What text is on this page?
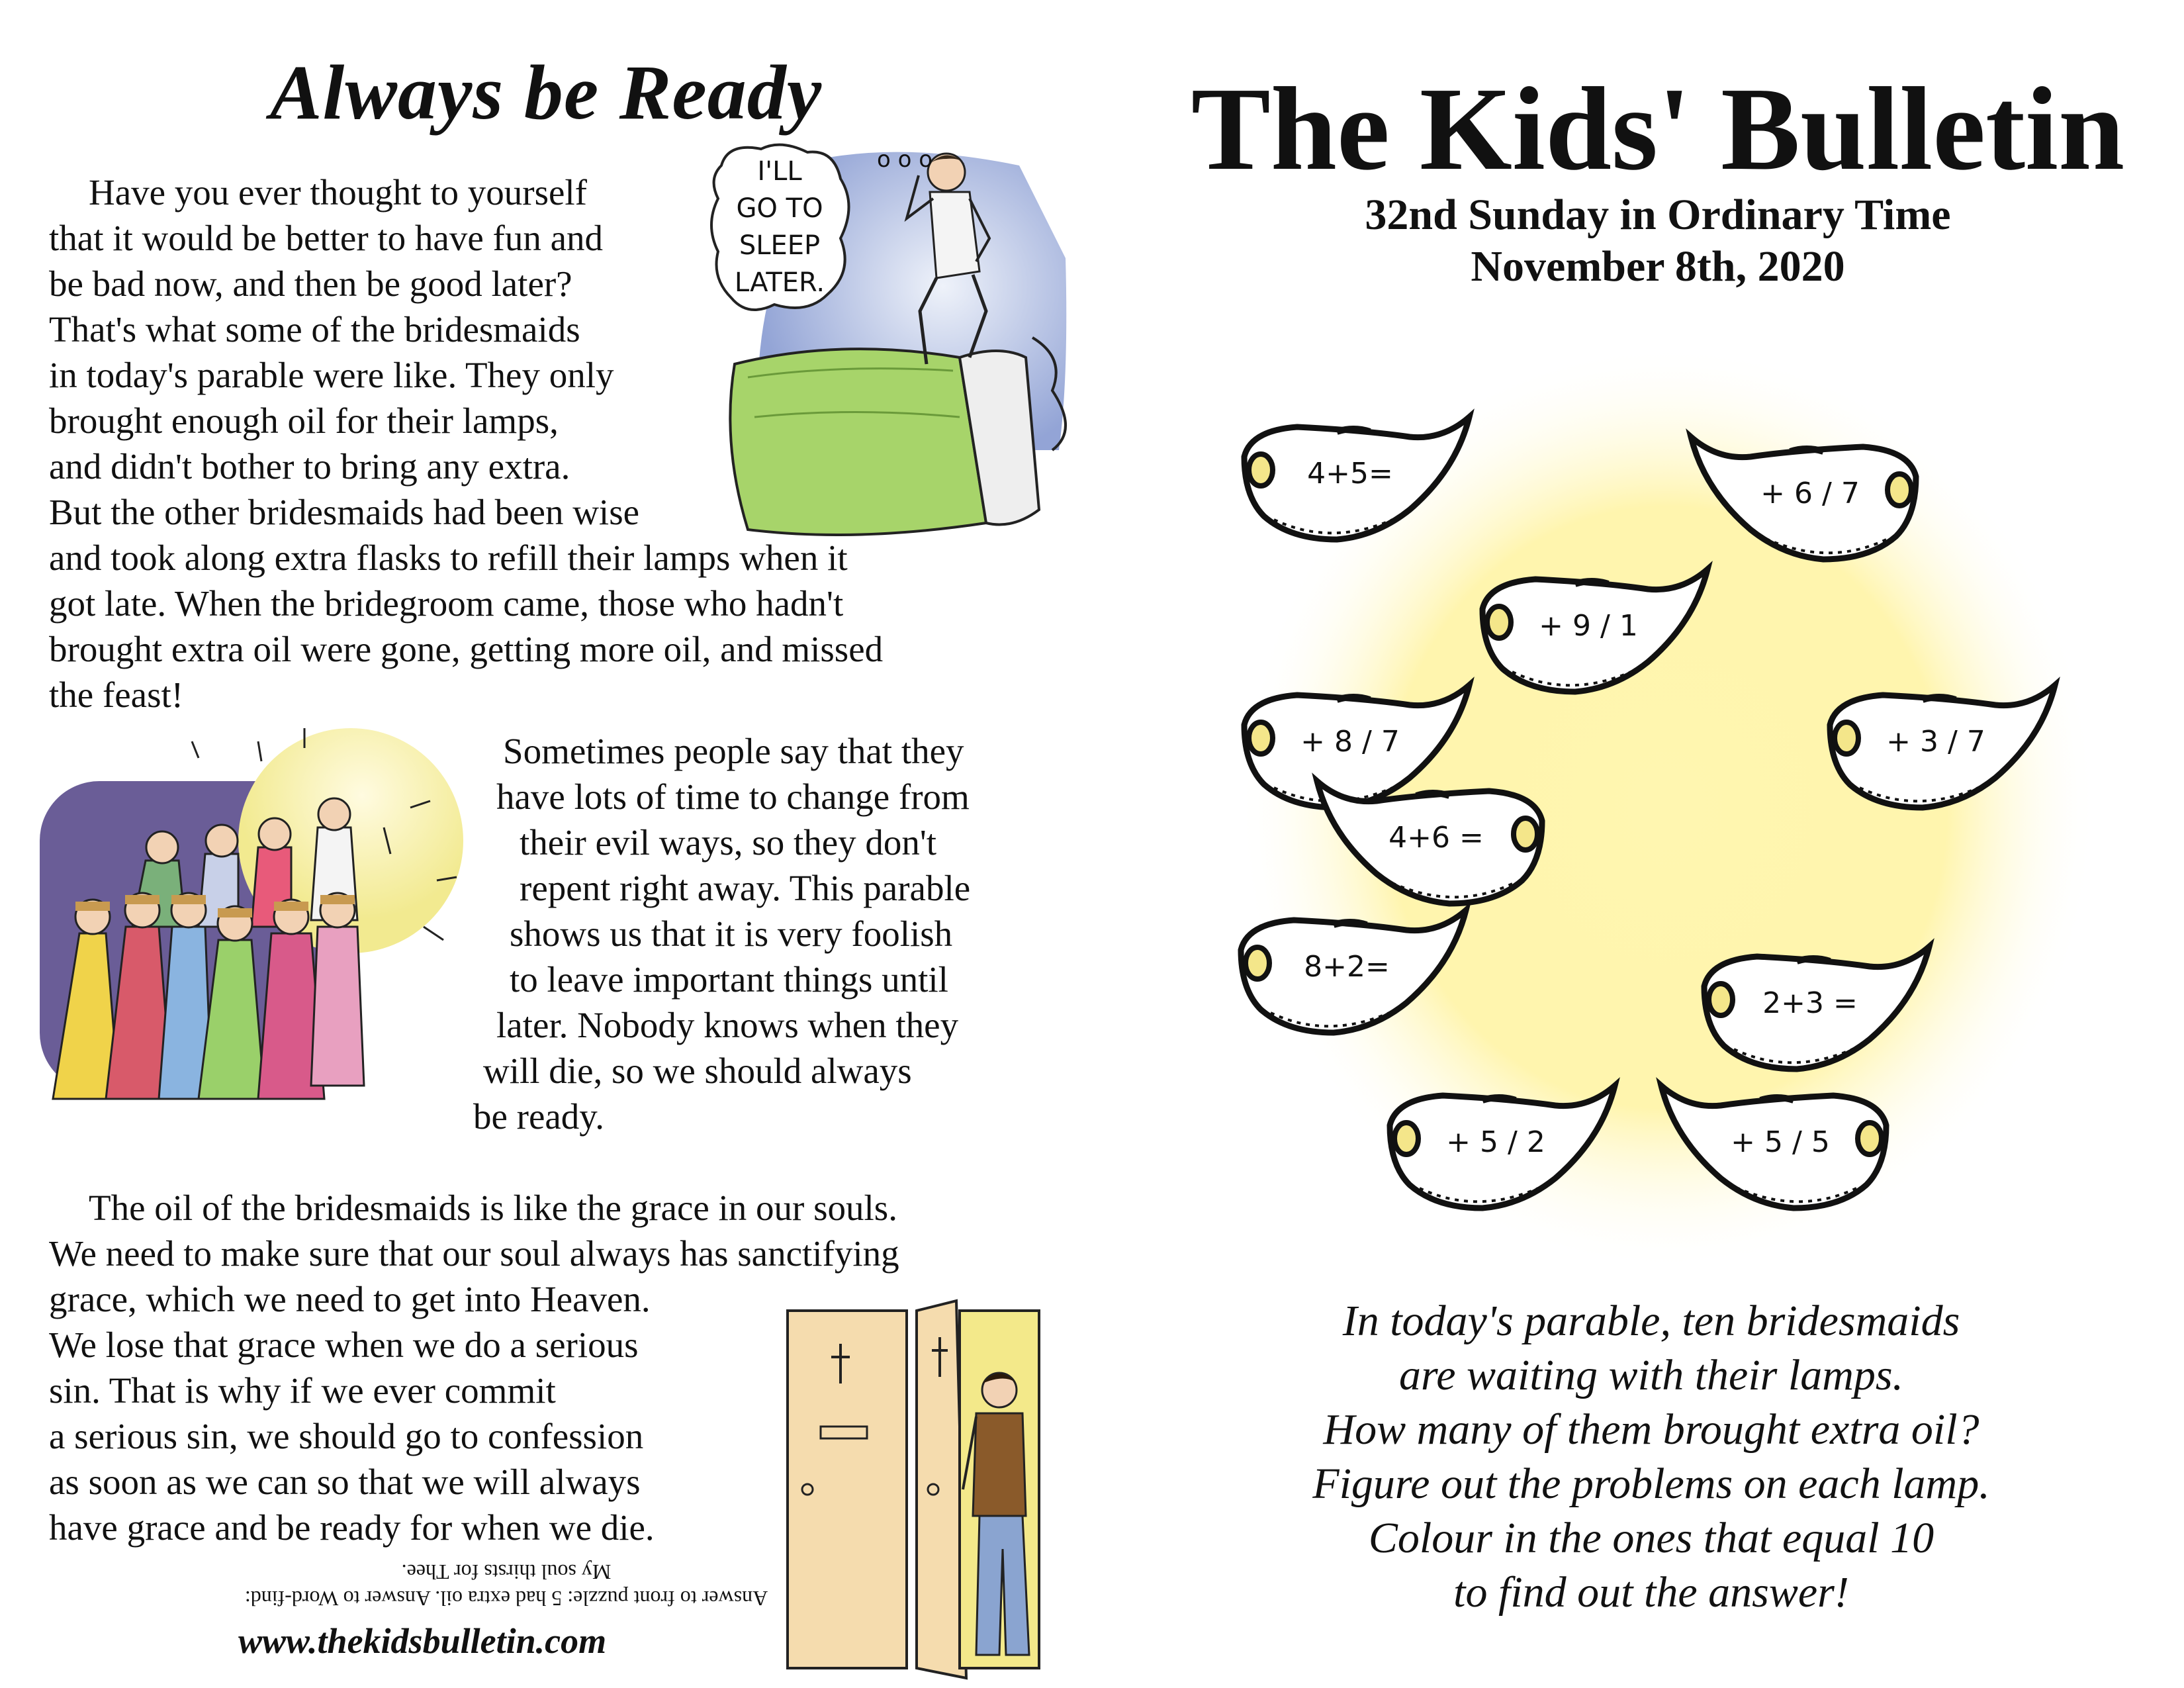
Always be Ready
Have you ever thought to yourself
that it would be better to have fun and
be bad now, and then be good later?
That's what some of the bridesmaids
in today's parable were like. They only
brought enough oil for their lamps,
and didn't bother to bring any extra.
But the other bridesmaids had been wise
and took along extra flasks to refill their lamps when it
got late. When the bridegroom came, those who hadn't
brought extra oil were gone, getting more oil, and missed
the feast!
I'LL
GO TO
SLEEP
LATER.
o o o
Sometimes people say that they
have lots of time to change from
their evil ways, so they don't
repent right away. This parable
shows us that it is very foolish
to leave important things until
later. Nobody knows when they
will die, so we should always
be ready.
The oil of the bridesmaids is like the grace in our souls.
We need to make sure that our soul always has sanctifying
grace, which we need to get into Heaven.
We lose that grace when we do a serious
sin. That is why if we ever commit
a serious sin, we should go to confession
as soon as we can so that we will always
have grace and be ready for when we die.
Answer to front puzzle: 5 had extra oil. Answer to Word-find:
My soul thirsts for Thee.
www.thekidsbulletin.com
The Kids' Bulletin
32nd Sunday in Ordinary Time
November 8th, 2020
4+5=
+ 6 / 7
+ 9 / 1
+ 8 / 7	+ 3 / 7
4+6 =
8+2=
2+3 =
+ 5 / 2	+ 5 / 5
In today's parable, ten bridesmaids
are waiting with their lamps.
How many of them brought extra oil?
Figure out the problems on each lamp.
Colour in the ones that equal 10
to find out the answer!
